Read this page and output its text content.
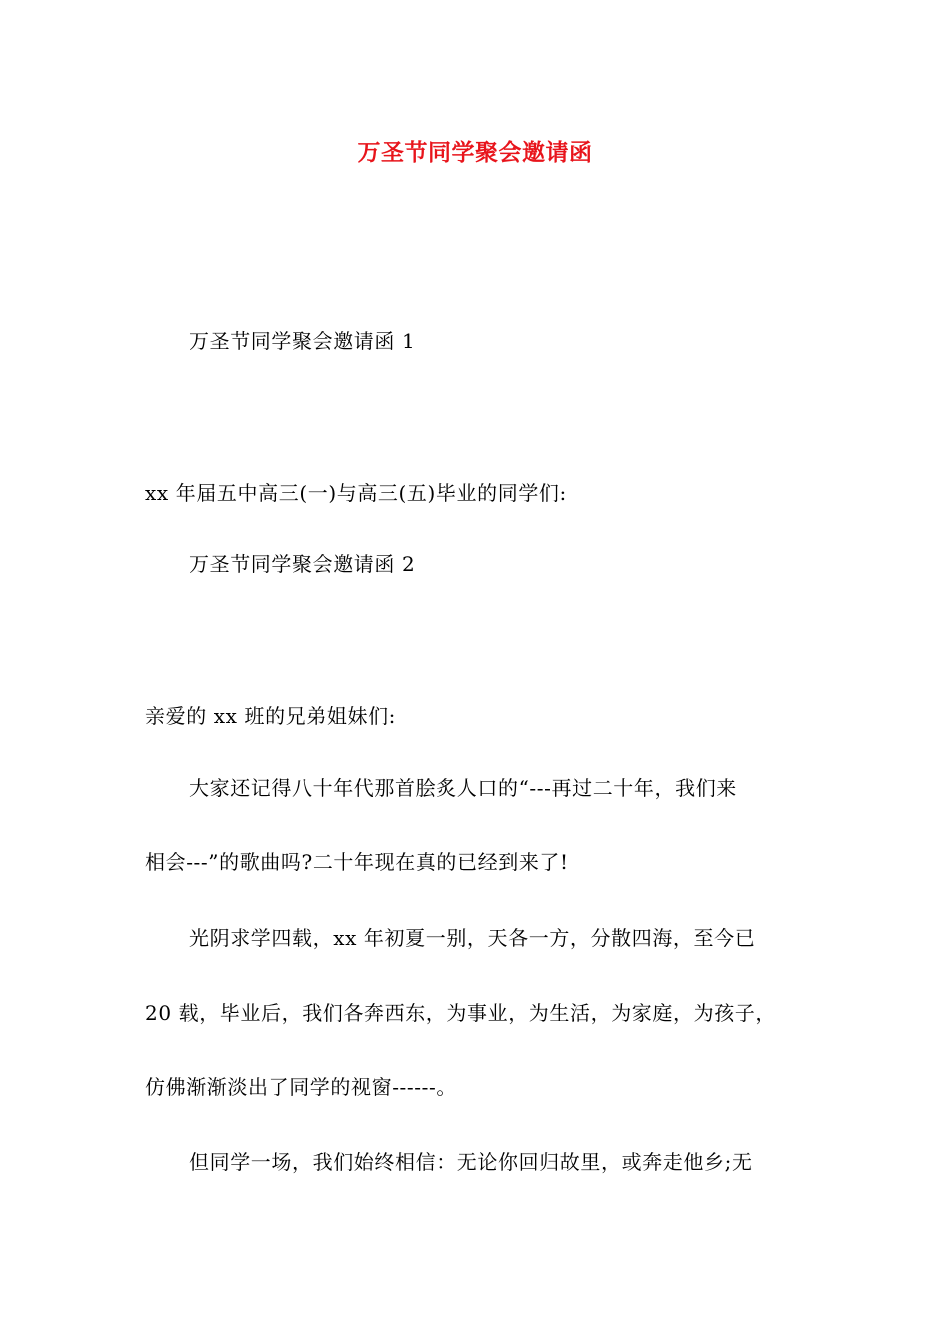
万圣节同学聚会邀请函
万圣节同学聚会邀请函 1
xx 年届五中高三(一)与高三(五)毕业的同学们:
万圣节同学聚会邀请函 2
亲爱的 xx 班的兄弟姐妹们:
大家还记得八十年代那首脍炙人口的“---再过二十年，我们来
相会---”的歌曲吗?二十年现在真的已经到来了!
光阴求学四载，xx 年初夏一别，天各一方，分散四海，至今已
20 载，毕业后，我们各奔西东，为事业，为生活，为家庭，为孩子，
仿佛渐渐淡出了同学的视窗------。
但同学一场，我们始终相信：无论你回归故里，或奔走他乡;无
